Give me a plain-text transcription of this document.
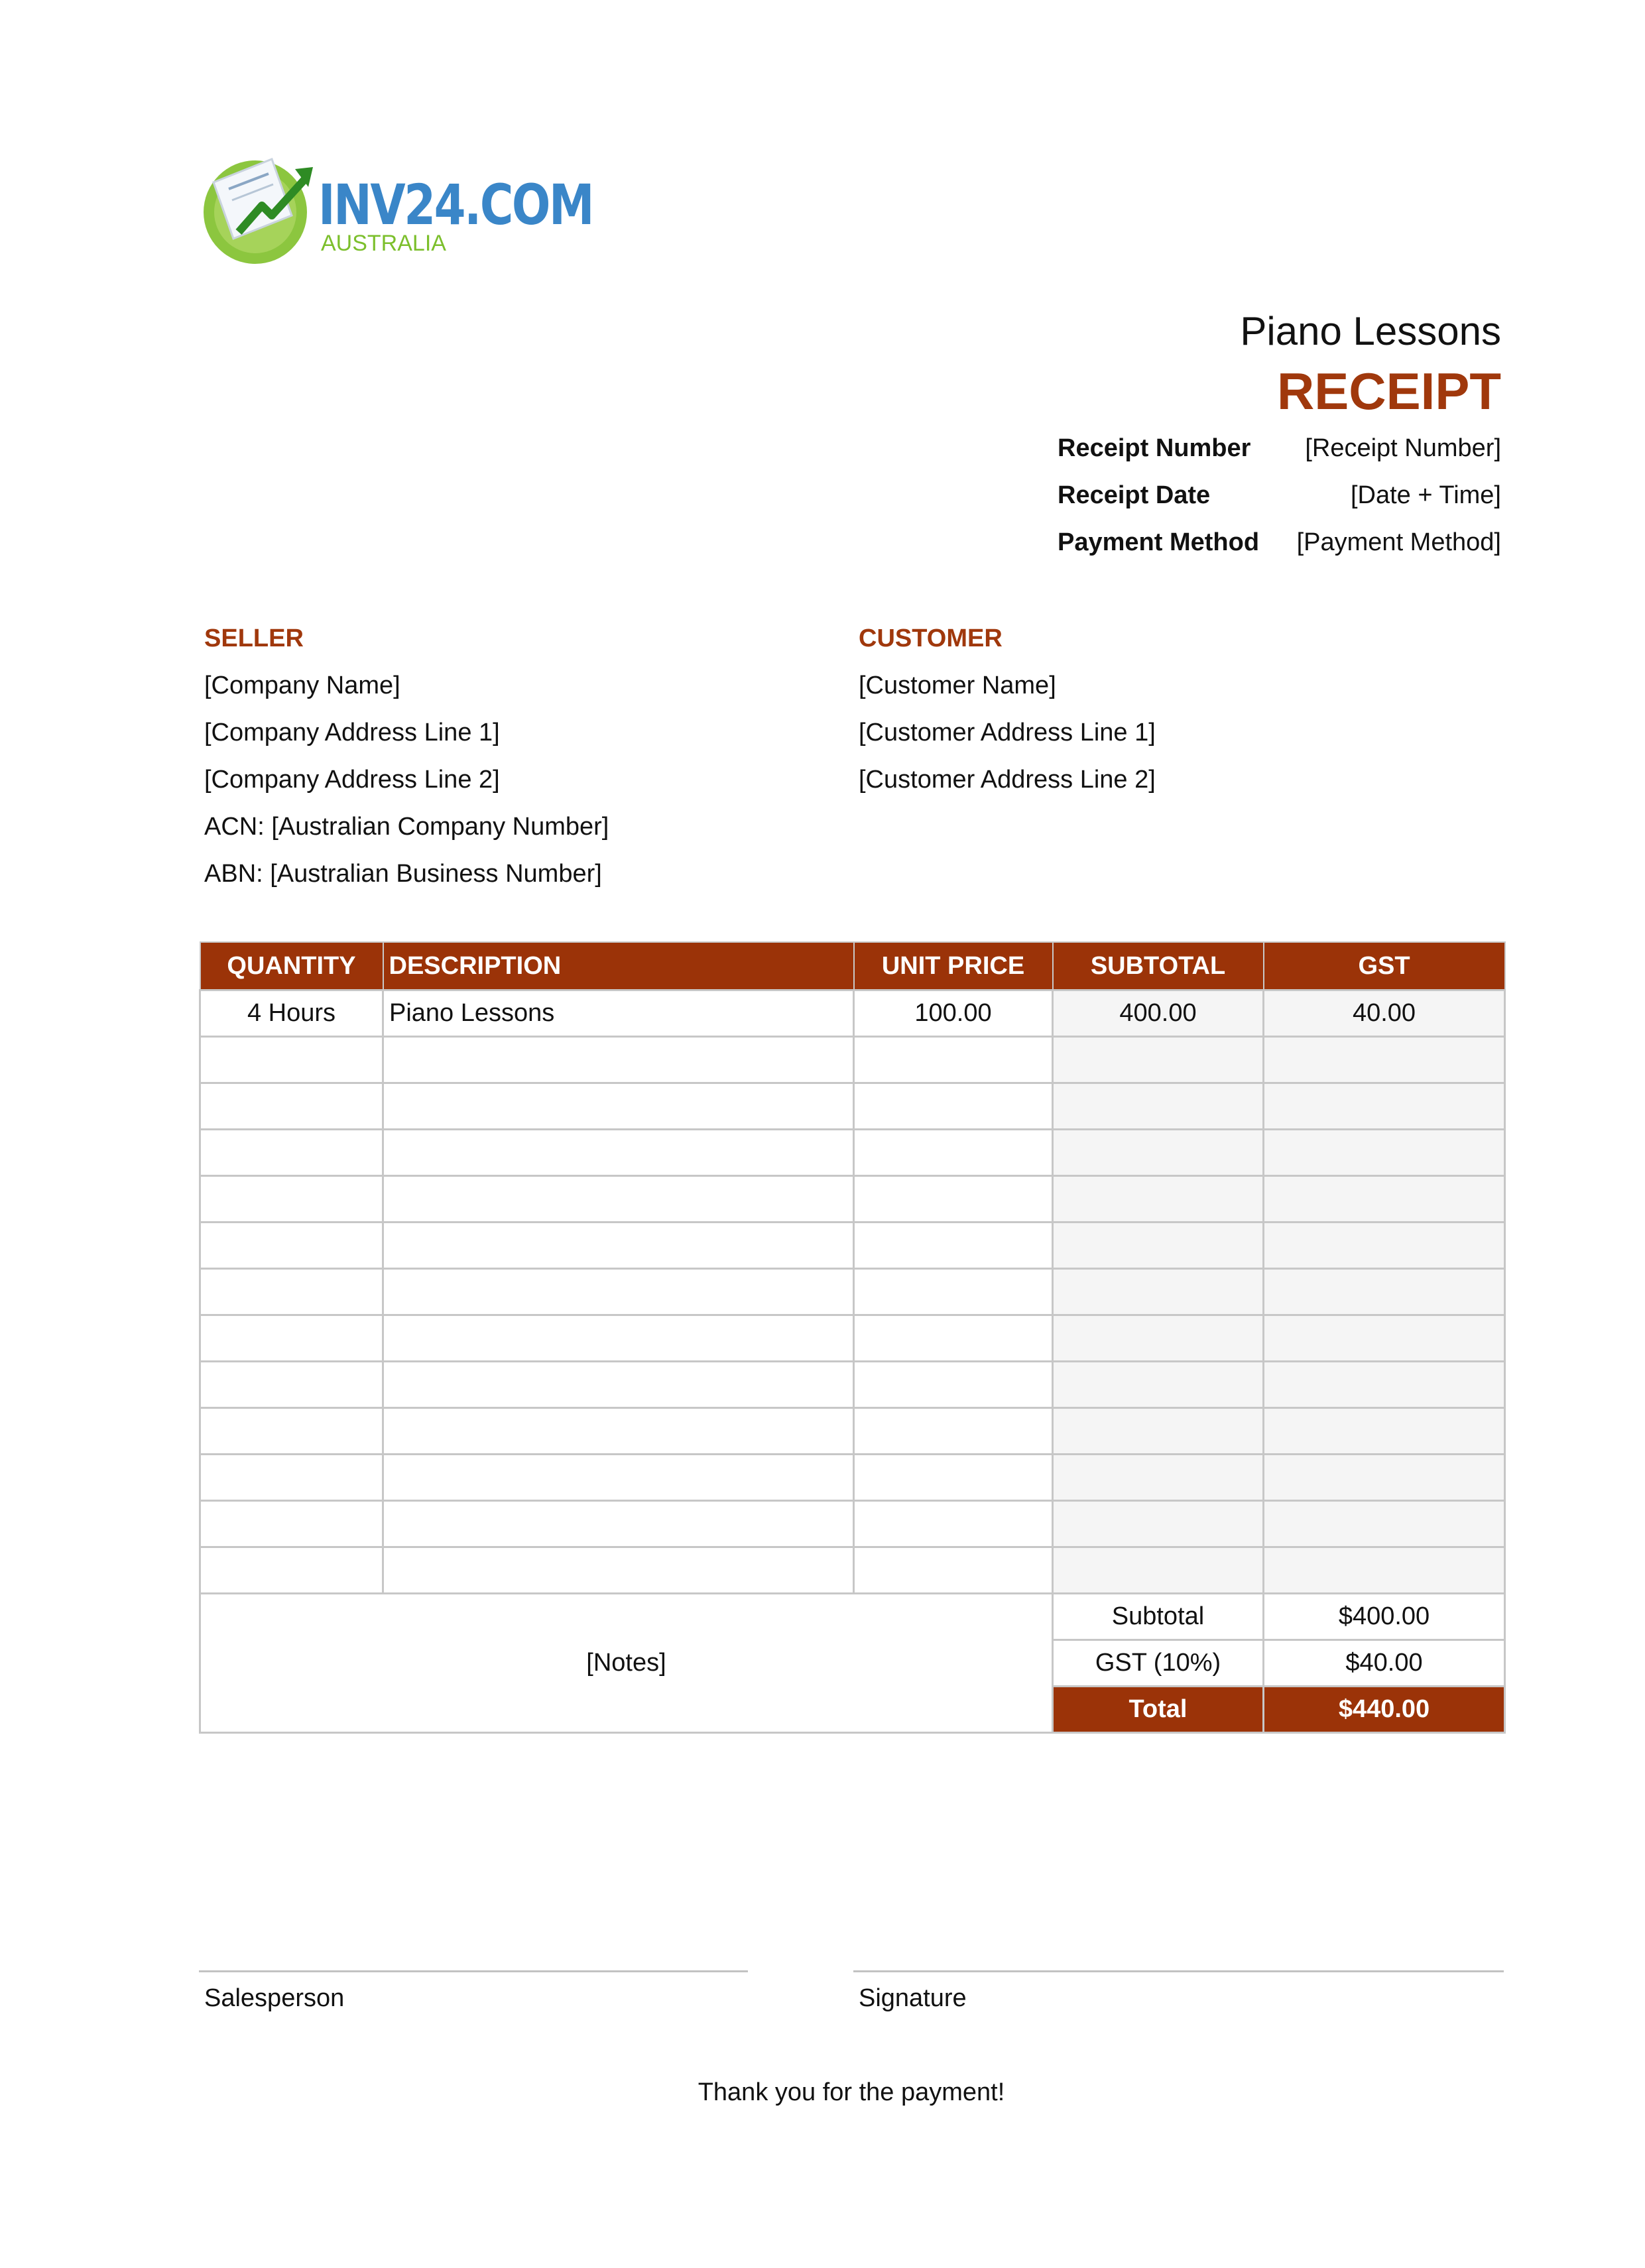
INV24.COM
AUSTRALIA
Piano Lessons
RECEIPT
Receipt Number [Receipt Number]
Receipt Date	[Date + Time]
Payment Method [Payment Method]
SELLER
[Company Name]
[Company Address Line 1]
[Company Address Line 2]
ACN: [Australian Company Number]
ABN: [Australian Business Number]
CUSTOMER
[Customer Name]
[Customer Address Line 1]
[Customer Address Line 2]
QUANTITY	DESCRIPTION	UNIT PRICE	SUBTOTAL	GST
4 Hours	Piano Lessons	100.00	400.00	40.00

[Notes]			Subtotal	$400.00
			GST (10%)	$40.00
			Total	$440.00
Salesperson	Signature
Thank you for the payment!
